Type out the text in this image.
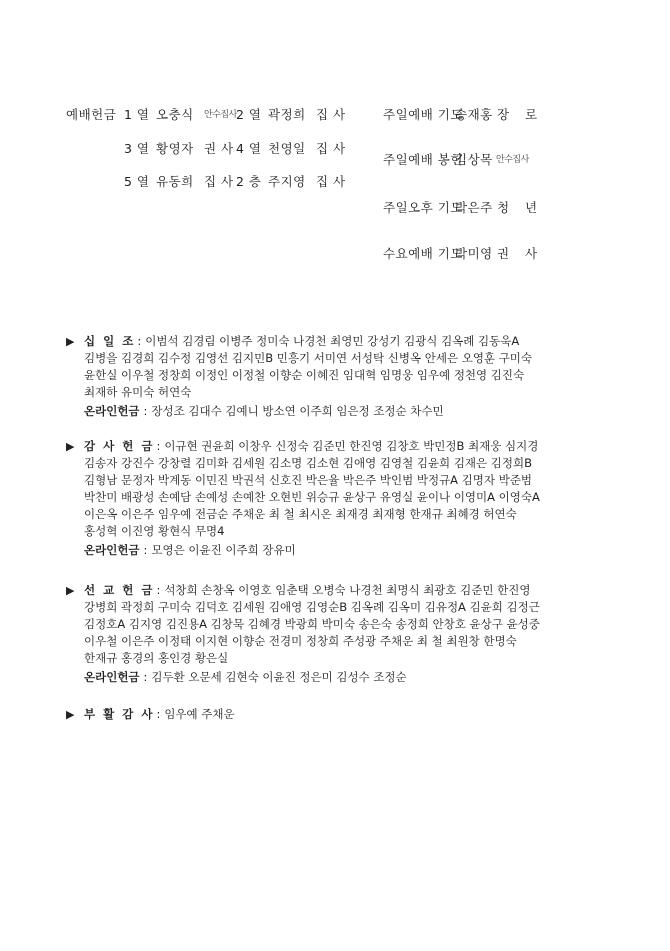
예배헌금 1 열 오충식 안수집사 2 열 곽정희 집 사
3 열 황영자 권 사 4 열 천영일 집 사
5 열 유동희 집 사 2 층 주지영 집 사
주일예배 기도
송재홍 장 로
주일예배 봉헌
김상목 안수집사
주일오후 기도
박은주 청 년
수요예배 기도
박미영 권 사
▶ 십 일 조 : 이범석 김경림 이병주 정미숙 나경천 최영민 강성기 김광식 김옥례 김동욱A
김병을 김경희 김수정 김영선 김지민B 민흥기 서미연 서성탁 신병옥 안세은 오영훈 구미숙
윤한실 이우철 정창희 이정인 이정철 이향순 이혜진 임대혁 임명웅 임우예 정천영 김진숙
최재하 유미숙 허연숙
온라인헌금 : 장성조 김대수 김예니 방소연 이주희 임은정 조정순 차수민
▶ 감 사 헌 금 : 이규현 권윤희 이창우 신정숙 김준민 한진영 김창호 박민정B 최재웅 심지경
김송자 강진수 강창렬 김미화 김세원 김소명 김소현 김애영 김영철 김윤희 김재은 김정희B
김형남 문정자 박계동 이민진 박권석 신호진 박은율 박은주 박인범 박정규A 김명자 박준범
박찬미 배광성 손예담 손예성 손예찬 오현빈 위승규 윤상구 유영실 윤이나 이영미A 이영숙A
이은옥 이은주 임우예 전금순 주채운 최 철 최시온 최재경 최재형 한재규 최혜경 허연숙
홍성혁 이진영 황현식 무명4
온라인헌금 : 모영은 이윤진 이주희 장유미
▶ 선 교 헌 금 : 석창희 손창옥 이영호 임춘택 오병숙 나경천 최명식 최광호 김준민 한진영
강병희 곽정희 구미숙 김덕호 김세원 김애영 김영순B 김옥례 김옥미 김유정A 김윤희 김정근
김정호A 김지영 김진용A 김창묵 김혜경 박광희 박미숙 송은숙 송정희 안창호 윤상구 윤성중
이우철 이은주 이정태 이지현 이향순 전경미 정창희 주성광 주채운 최 철 최원창 한명숙
한재규 홍경의 홍인경 황은실
온라인헌금 : 김두환 오문세 김현숙 이윤진 정은미 김성수 조정순
▶ 부 활 감 사 : 임우예 주채운
